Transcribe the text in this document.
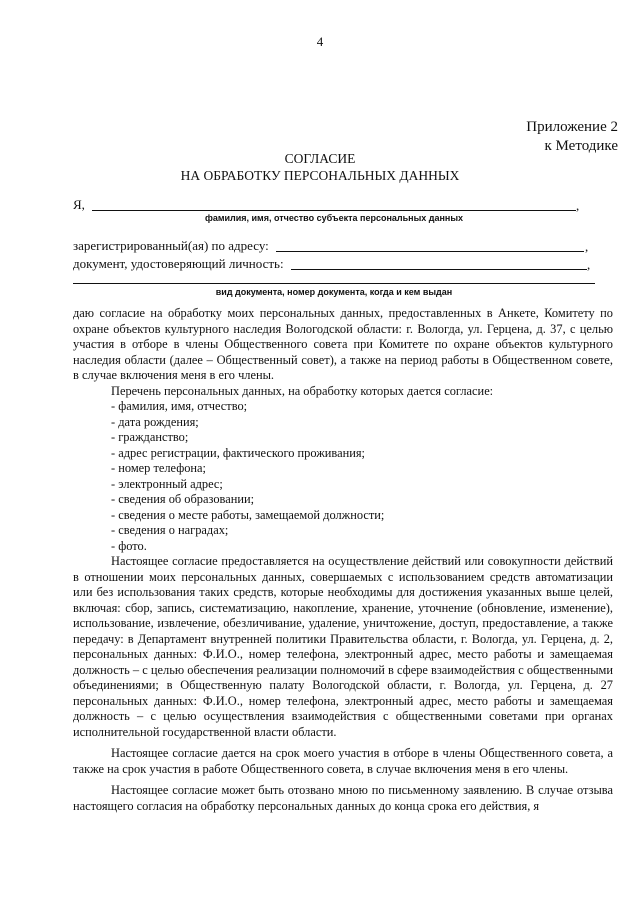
4
Приложение 2
к Методике
СОГЛАСИЕ
НА ОБРАБОТКУ ПЕРСОНАЛЬНЫХ ДАННЫХ
Я,	,
фамилия, имя, отчество субъекта персональных данных
зарегистрированный(ая) по адресу:	,
документ, удостоверяющий личность:	,
вид документа, номер документа, когда и кем выдан

даю согласие на обработку моих персональных данных, предоставленных в Анкете, Комитету по охране объектов культурного наследия Вологодской области: г. Вологда, ул. Герцена, д. 37, с целью участия в отборе в члены Общественного совета при Комитете по охране объектов культурного наследия области (далее – Общественный совет), а также на период работы в Общественном совете, в случае включения меня в его члены.

Перечень персональных данных, на обработку которых дается согласие:

- фамилия, имя, отчество;

- дата рождения;

- гражданство;

- адрес регистрации, фактического проживания;

- номер телефона;

- электронный адрес;

- сведения об образовании;

- сведения о месте работы, замещаемой должности;

- сведения о наградах;

- фото.

Настоящее согласие предоставляется на осуществление действий или совокупности действий в отношении моих персональных данных, совершаемых с использованием средств автоматизации или без использования таких средств, которые необходимы для достижения указанных выше целей, включая: сбор, запись, систематизацию, накопление, хранение, уточнение (обновление, изменение), использование, извлечение, обезличивание, удаление, уничтожение, доступ, предоставление, а также передачу: в Департамент внутренней политики Правительства области, г. Вологда, ул. Герцена, д. 2, персональных данных: Ф.И.О., номер телефона, электронный адрес, место работы и замещаемая должность – с целью обеспечения реализации полномочий в сфере взаимодействия с общественными объединениями; в Общественную палату Вологодской области, г. Вологда, ул. Герцена, д. 27 персональных данных: Ф.И.О., номер телефона, электронный адрес, место работы и замещаемая должность – с целью осуществления взаимодействия с общественными советами при органах исполнительной государственной власти области.

Настоящее согласие дается на срок моего участия в отборе в члены Общественного совета, а также на срок участия в работе Общественного совета, в случае включения меня в его члены.

Настоящее согласие может быть отозвано мною по письменному заявлению. В случае отзыва настоящего согласия на обработку персональных данных до конца срока его действия, я
